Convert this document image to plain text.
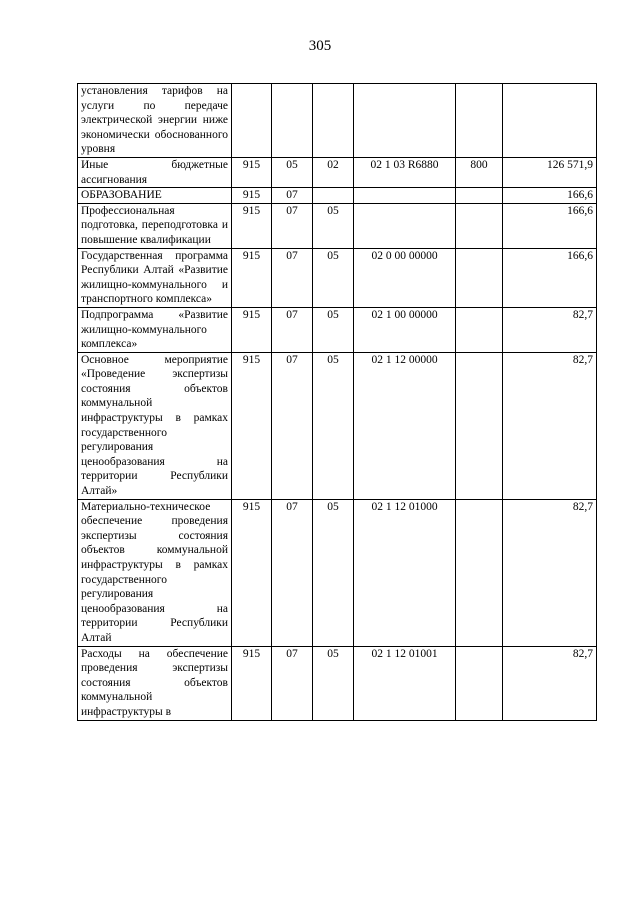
305
установления тарифов на услуги по передаче электрической энергии ниже экономически обоснованного уровня						
Иные бюджетные ассигнования	915	05	02	02 1 03 R6880	800	126 571,9
ОБРАЗОВАНИЕ	915	07				166,6
Профессиональная подготовка, переподготовка и повышение квалификации	915	07	05			166,6
Государственная программа Республики Алтай «Развитие жилищно-коммунального и транспортного комплекса»	915	07	05	02 0 00 00000		166,6
Подпрограмма «Развитие жилищно-коммунального комплекса»	915	07	05	02 1 00 00000		82,7
Основное мероприятие «Проведение экспертизы состояния объектов коммунальной инфраструктуры в рамках государственного регулирования ценообразования на территории Республики Алтай»	915	07	05	02 1 12 00000		82,7
Материально-техническое обеспечение проведения экспертизы состояния объектов коммунальной инфраструктуры в рамках государственного регулирования ценообразования на территории Республики Алтай	915	07	05	02 1 12 01000		82,7
Расходы на обеспечение проведения экспертизы состояния объектов коммунальной инфраструктуры в	915	07	05	02 1 12 01001		82,7
